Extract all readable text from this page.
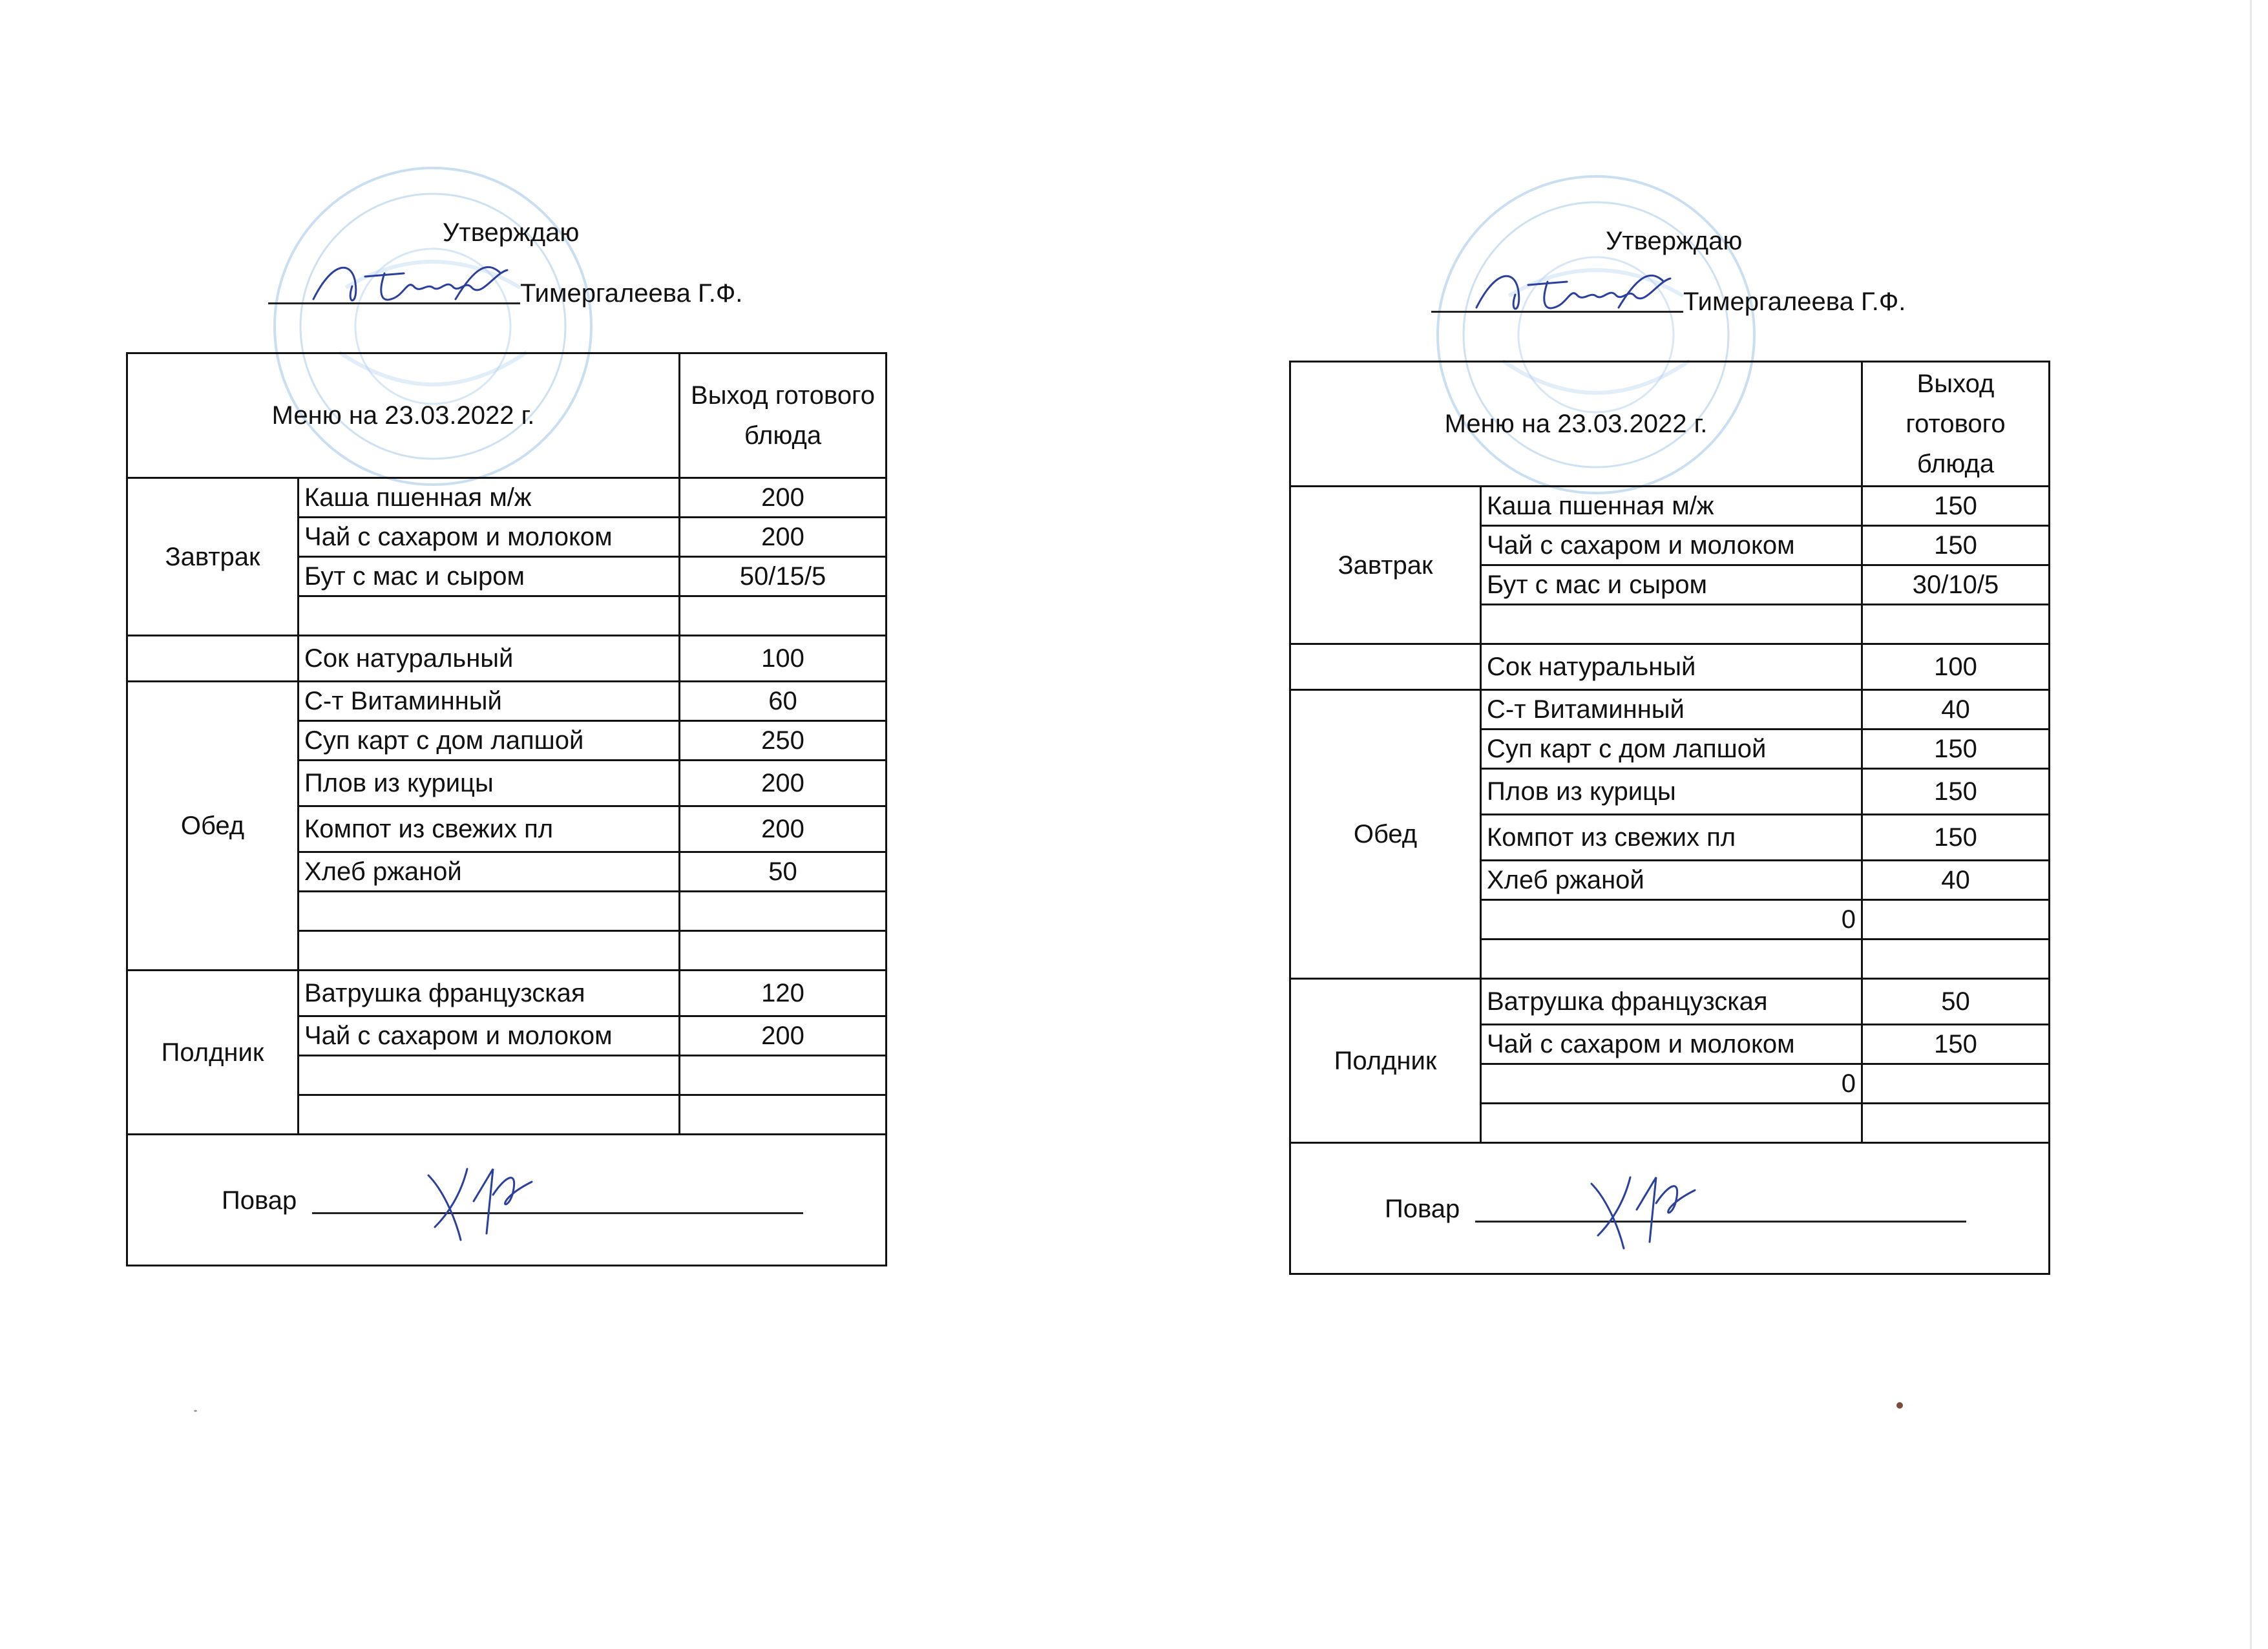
Утверждаю
Тимергалеева Г.Ф.
Меню на 23.03.2022 г.		Выход готового блюда
Завтрак	Каша пшенная м/ж	200
	Чай с сахаром и молоком	200
	Бут с мас и сыром	50/15/5

	Сок натуральный	100
Обед	С-т Витаминный	60
	Суп карт с дом лапшой	250
	Плов из курицы	200
	Компот из свежих пл	200
	Хлеб ржаной	50

Полдник	Ватрушка французская	120
	Чай с сахаром и молоком	200

Повар		
Утверждаю
Тимергалеева Г.Ф.
Меню на 23.03.2022 г.		Выход готового блюда
Завтрак	Каша пшенная м/ж	150
	Чай с сахаром и молоком	150
	Бут с мас и сыром	30/10/5

	Сок натуральный	100
Обед	С-т Витаминный	40
	Суп карт с дом лапшой	150
	Плов из курицы	150
	Компот из свежих пл	150
	Хлеб ржаной	40
	0	

Полдник	Ватрушка французская	50
	Чай с сахаром и молоком	150
	0	

Повар		
